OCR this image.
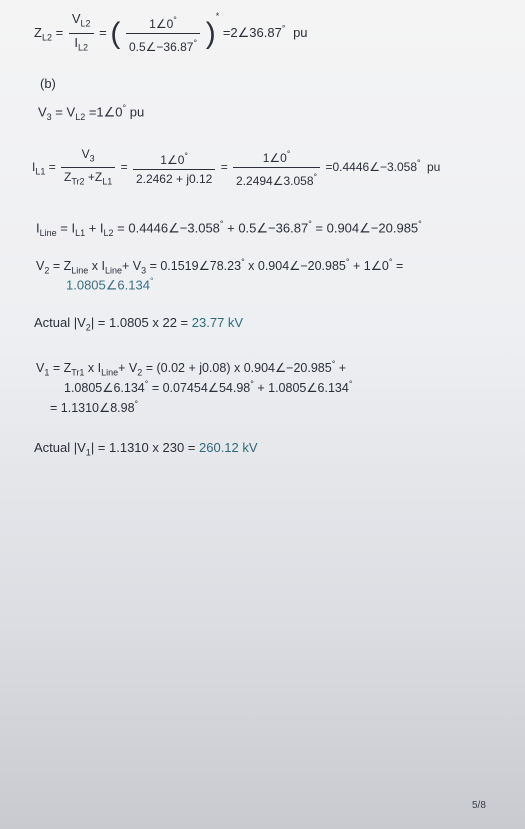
$Z_{L2} = \frac{V_{L2}}{I_{L2}}$ = ( $\frac{1\angle 0^\circ}{0.5\angle-36.87^\circ} )^*$ =2∠36.87° pu
(b)
$V_3 = V_{L2}$ =1∠0° pu
$I_{L1} = \frac{V_3}{Z_{Tr2} +Z_{L1}} = \frac{1\angle 0^\circ}{2.2462 + j0.12} = \frac{1\angle 0^\circ}{2.2494\angle 3.058^\circ}$ =0.4446∠−3.058° pu
$I_{Line} = I_{L1} + I_{L2}$ = 0.4446∠−3.058° + 0.5∠−36.87° = 0.904∠−20.985°
$V_2 = Z_{Line}$ x $I_{Line}+ V_3$ = 0.1519∠78.23° x 0.904∠−20.985° + 1∠0° =
1.0805∠6.134°
Actual $|V_2| = 1.0805$ x 22 = 23.77 kV
$V_1 = Z_{Tr1}$ x $I_{Line}+ V_2 = (0.02 + j0.08)$ x 0.904∠−20.985° +
1.0805∠6.134° = 0.07454∠54.98° + 1.0805∠6.134°
= 1.1310∠8.98°
Actual $|V_1| = 1.1310$ x 230 = 260.12 kV
5/8
